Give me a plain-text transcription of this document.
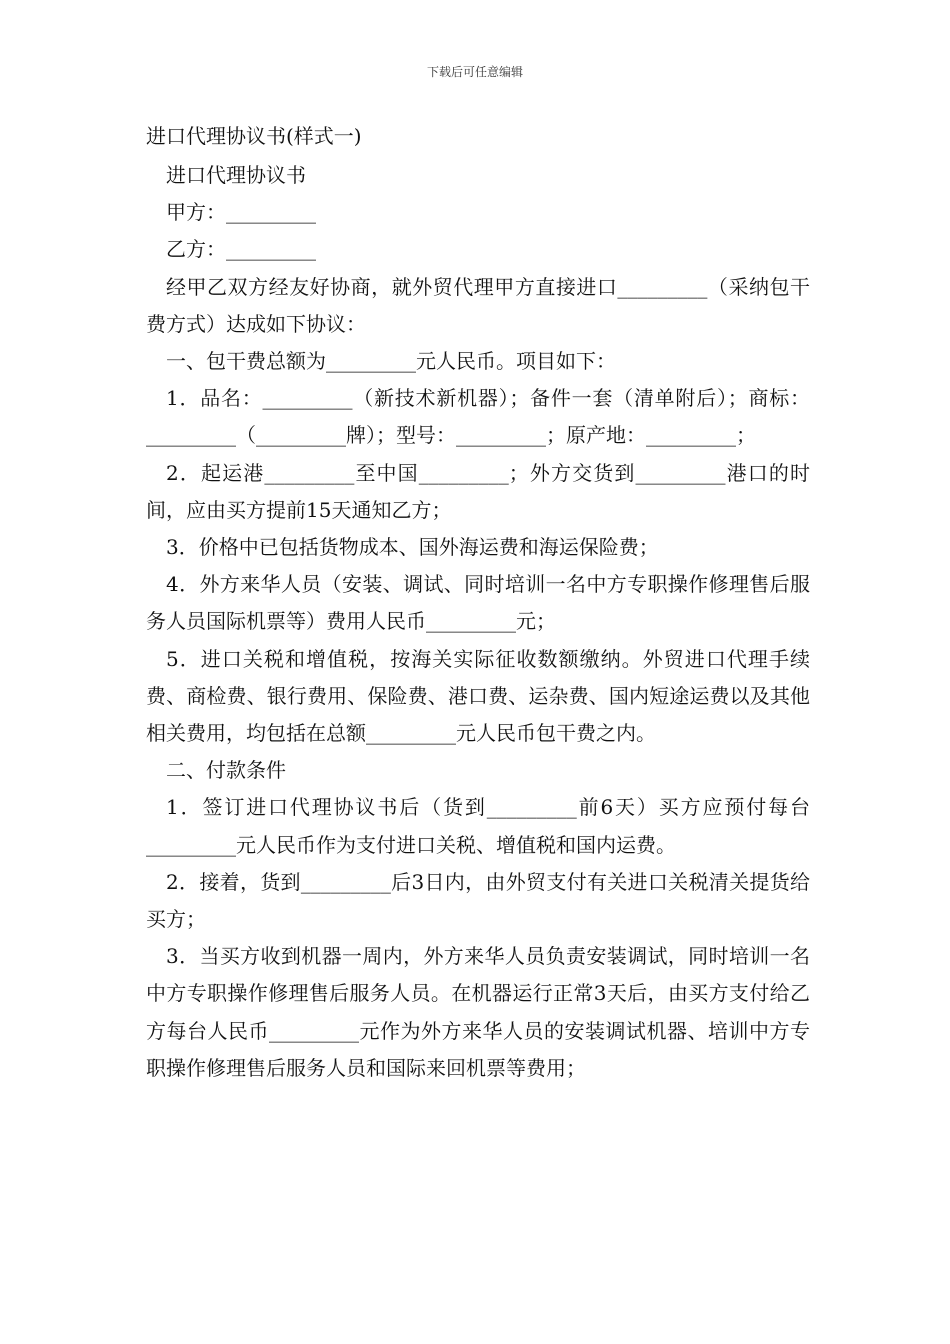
下载后可任意编辑
进口代理协议书(样式一)

进口代理协议书

甲方：_________

乙方：_________

经甲乙双方经友好协商，就外贸代理甲方直接进口_________（采纳包干费方式）达成如下协议：

一、包干费总额为_________元人民币。项目如下：

1．品名：_________（新技术新机器）；备件一套（清单附后）；商标：_________（_________牌）；型号：_________；原产地：_________；

2．起运港_________至中国_________；外方交货到_________港口的时间，应由买方提前15天通知乙方；

3．价格中已包括货物成本、国外海运费和海运保险费；

4．外方来华人员（安装、调试、同时培训一名中方专职操作修理售后服务人员国际机票等）费用人民币_________元；

5．进口关税和增值税，按海关实际征收数额缴纳。外贸进口代理手续费、商检费、银行费用、保险费、港口费、运杂费、国内短途运费以及其他相关费用，均包括在总额_________元人民币包干费之内。

二、付款条件

1．签订进口代理协议书后（货到_________前6天）买方应预付每台_________元人民币作为支付进口关税、增值税和国内运费。

2．接着，货到_________后3日内，由外贸支付有关进口关税清关提货给买方；

3．当买方收到机器一周内，外方来华人员负责安装调试，同时培训一名中方专职操作修理售后服务人员。在机器运行正常3天后，由买方支付给乙方每台人民币_________元作为外方来华人员的安装调试机器、培训中方专职操作修理售后服务人员和国际来回机票等费用；
